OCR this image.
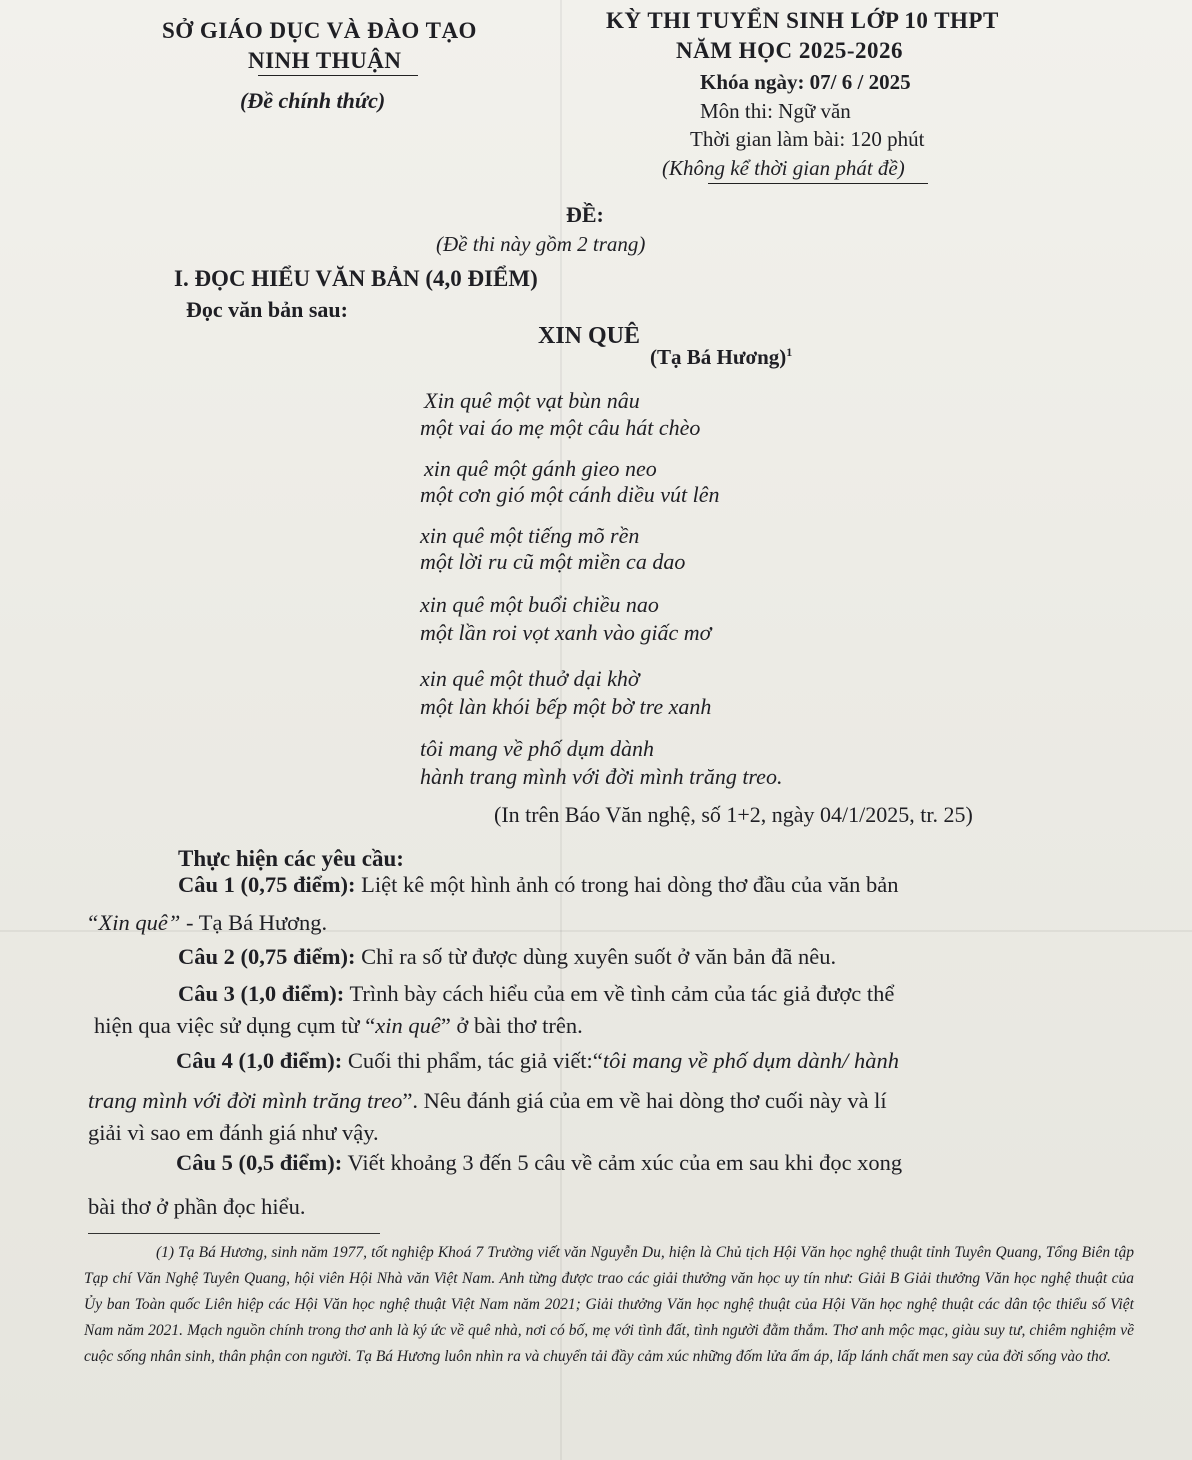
SỞ GIÁO DỤC VÀ ĐÀO TẠO
NINH THUẬN
(Đề chính thức)
KỲ THI TUYỂN SINH LỚP 10 THPT
NĂM HỌC 2025-2026
Khóa ngày: 07/ 6 / 2025
Môn thi: Ngữ văn
Thời gian làm bài: 120 phút
(Không kể thời gian phát đề)
ĐỀ:
(Đề thi này gồm 2 trang)
I. ĐỌC HIỂU VĂN BẢN (4,0 ĐIỂM)
Đọc văn bản sau:
XIN QUÊ
(Tạ Bá Hương)$^1$
Xin quê một vạt bùn nâu
một vai áo mẹ một câu hát chèo
xin quê một gánh gieo neo
một cơn gió một cánh diều vút lên
xin quê một tiếng mõ rền
một lời ru cũ một miền ca dao
xin quê một buổi chiều nao
một lần roi vọt xanh vào giấc mơ
xin quê một thuở dại khờ
một làn khói bếp một bờ tre xanh
tôi mang về phố dụm dành
hành trang mình với đời mình trăng treo.
(In trên Báo Văn nghệ, số 1+2, ngày 04/1/2025, tr. 25)
Thực hiện các yêu cầu:
Câu 1 (0,75 điểm): Liệt kê một hình ảnh có trong hai dòng thơ đầu của văn bản
“Xin quê” - Tạ Bá Hương.
Câu 2 (0,75 điểm): Chỉ ra số từ được dùng xuyên suốt ở văn bản đã nêu.
Câu 3 (1,0 điểm): Trình bày cách hiểu của em về tình cảm của tác giả được thể
hiện qua việc sử dụng cụm từ “xin quê” ở bài thơ trên.
Câu 4 (1,0 điểm): Cuối thi phẩm, tác giả viết:“tôi mang về phố dụm dành/ hành
trang mình với đời mình trăng treo”. Nêu đánh giá của em về hai dòng thơ cuối này và lí
giải vì sao em đánh giá như vậy.
Câu 5 (0,5 điểm): Viết khoảng 3 đến 5 câu về cảm xúc của em sau khi đọc xong
bài thơ ở phần đọc hiểu.
(1) Tạ Bá Hương, sinh năm 1977, tốt nghiệp Khoá 7 Trường viết văn Nguyễn Du, hiện là Chủ tịch Hội Văn học nghệ thuật tỉnh Tuyên Quang, Tổng Biên tập Tạp chí Văn Nghệ Tuyên Quang, hội viên Hội Nhà văn Việt Nam. Anh từng được trao các giải thưởng văn học uy tín như: Giải B Giải thưởng Văn học nghệ thuật của Ủy ban Toàn quốc Liên hiệp các Hội Văn học nghệ thuật Việt Nam năm 2021; Giải thưởng Văn học nghệ thuật của Hội Văn học nghệ thuật các dân tộc thiểu số Việt Nam năm 2021. Mạch nguồn chính trong thơ anh là ký ức về quê nhà, nơi có bố, mẹ với tình đất, tình người đằm thắm. Thơ anh mộc mạc, giàu suy tư, chiêm nghiệm về cuộc sống nhân sinh, thân phận con người. Tạ Bá Hương luôn nhìn ra và chuyển tải đầy cảm xúc những đốm lửa ấm áp, lấp lánh chất men say của đời sống vào thơ.
